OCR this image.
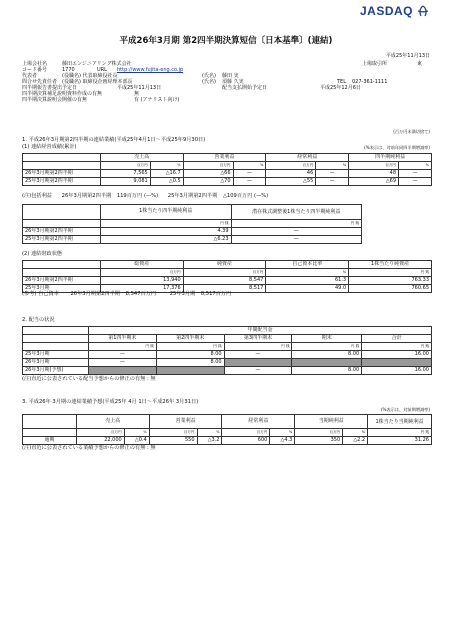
JASDAQ
平成26年3月期 第2四半期決算短信〔日本基準〕(連結)
平成25年11月13日
上場会社名	藤田エンジニアリング株式会社	上場取引所	東
コード番号	1770	URL http://www.fujita-eng.co.jp
代表者	(役職名) 代表取締役社長	(氏名) 藤田 実
問合せ先責任者 (役職名) 取締役企画経理本部長	(氏名) 須藤 久実	TEL 027-361-1111
四半期報告書提出予定日	平成25年11月13日	配当支払開始予定日	平成25年12月6日
四半期決算補足説明資料作成の有無	無
四半期決算説明会開催の有無	有 (アナリスト向け)
(百万円未満切捨て)
1. 平成26年3月期第2四半期の連結業績(平成25年4月1日～平成25年9月30日)
(1) 連結経営成績(累計)	(%表示は、対前年同四半期増減率)
	売上高		営業利益		経常利益		四半期純利益	
	百万円	%	百万円	%	百万円	%	百万円	%
26年3月期第2四半期	7,565	△16.7	△66	—	46	—	48	—
25年3月期第2四半期	9,081	△0.5	△70	—	△55	—	△69	—
(注)包括利益 26年3月期第2四半期 119百万円 (—%) 25年3月期第2四半期 △109百万円 (—%)
	1株当たり四半期純利益	潜在株式調整後1株当たり四半期純利益
	円 銭	円 銭
26年3月期第2四半期	4.39	—
25年3月期第2四半期	△6.23	—
(2) 連結財政状態
	総資産	純資産	自己資本比率	1株当たり純資産
	百万円	百万円	%	円 銭
26年3月期第2四半期	13,940	8,547	61.3	763.33
25年3月期	17,376	8,517	49.0	760.65
(参考) 自己資本 26年3月期第2四半期 8,547百万円	25年3月期 8,517百万円
2. 配当の状況
	年間配当金				
	第1四半期末	第2四半期末	第3四半期末	期末	合計
	円 銭	円 銭	円 銭	円 銭	円 銭
25年3月期	—	8.00	—	8.00	16.00
26年3月期	—	8.00			
26年3月期(予想)			—	8.00	16.00
(注)直近に公表されている配当予想からの修正の有無 : 無
3. 平成26年 3月期の連結業績予想(平成25年 4月 1日～平成26年 3月31日)
(%表示は、対前期増減率)
	売上高		営業利益		経常利益		当期純利益		1株当たり当期純利益
	百万円	%	百万円	%	百万円	%	百万円	%	円 銭
通期	22,000	△0.4	550	△3.2	600	△4.3	350	△2.2	31.26
(注)直近に公表されている業績予想からの修正の有無 : 無
